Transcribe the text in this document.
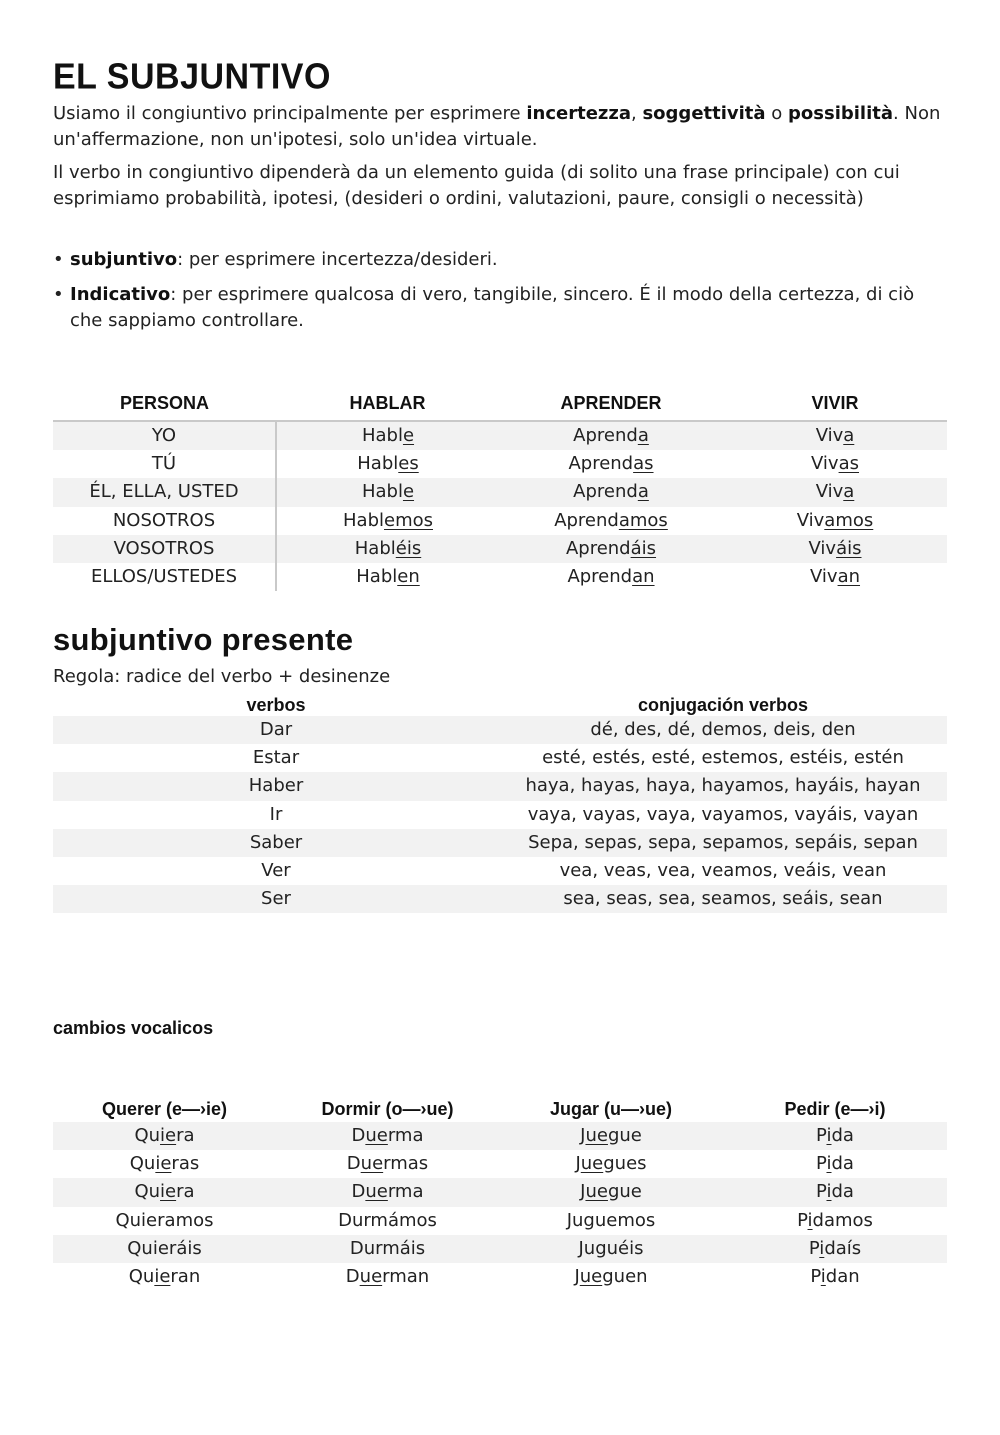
EL SUBJUNTIVO
Usiamo il congiuntivo principalmente per esprimere incertezza, soggettività o possibilità. Non un'affermazione, non un'ipotesi, solo un'idea virtuale.
Il verbo in congiuntivo dipenderà da un elemento guida (di solito una frase principale) con cui esprimiamo probabilità, ipotesi, (desideri o ordini, valutazioni, paure, consigli o necessità)
• subjuntivo: per esprimere incertezza/desideri.
• Indicativo: per esprimere qualcosa di vero, tangibile, sincero. É il modo della certezza, di ciò che sappiamo controllare.
PERSONA	HABLAR	APRENDER	VIVIR
YO	Hable	Aprenda	Viva
TÚ	Hables	Aprendas	Vivas
ÉL, ELLA, USTED	Hable	Aprenda	Viva
NOSOTROS	Hablemos	Aprendamos	Vivamos
VOSOTROS	Habléis	Aprendáis	Viváis
ELLOS/USTEDES	Hablen	Aprendan	Vivan
subjuntivo presente
Regola: radice del verbo + desinenze
verbos	conjugación verbos
Dar	dé, des, dé, demos, deis, den
Estar	esté, estés, esté, estemos, estéis, estén
Haber	haya, hayas, haya, hayamos, hayáis, hayan
Ir	vaya, vayas, vaya, vayamos, vayáis, vayan
Saber	Sepa, sepas, sepa, sepamos, sepáis, sepan
Ver	vea, veas, vea, veamos, veáis, vean
Ser	sea, seas, sea, seamos, seáis, sean
cambios vocalicos
Querer (e—›ie)	Dormir (o—›ue)	Jugar (u—›ue)	Pedir (e—›i)
Quiera	Duerma	Juegue	Pida
Quieras	Duermas	Juegues	Pida
Quiera	Duerma	Juegue	Pida
Quieramos	Durmámos	Juguemos	Pidamos
Quieráis	Durmáis	Juguéis	Pidaís
Quieran	Duerman	Jueguen	Pidan
